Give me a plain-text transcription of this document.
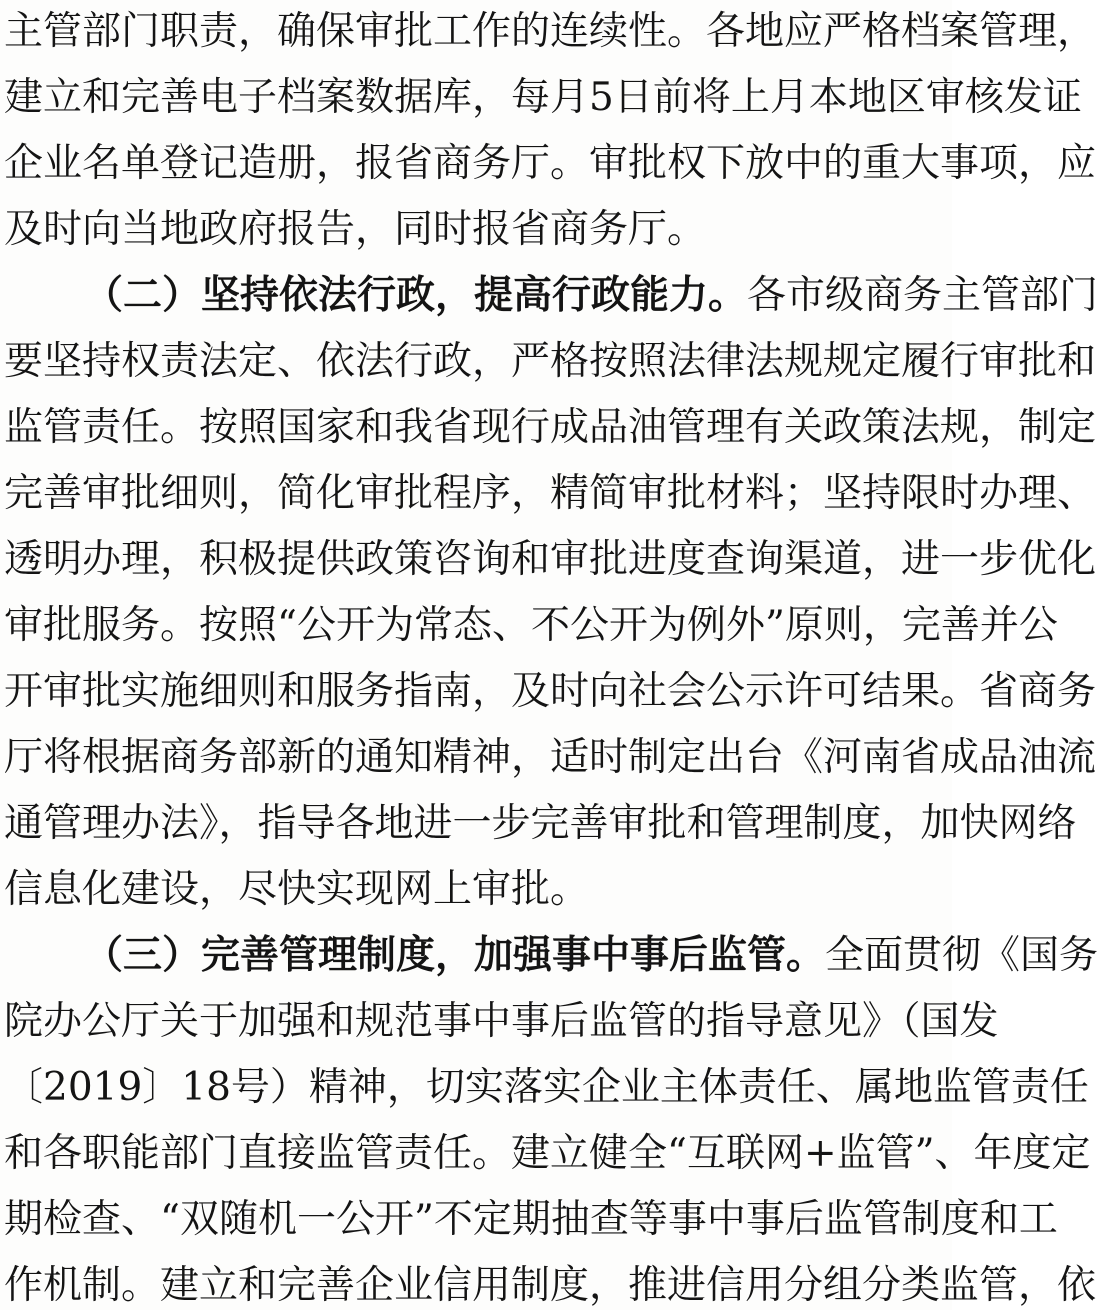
主管部门职责，确保审批工作的连续性。各地应严格档案管理，
建立和完善电子档案数据库，每月5日前将上月本地区审核发证
企业名单登记造册，报省商务厅。审批权下放中的重大事项，应
及时向当地政府报告，同时报省商务厅。
（二）坚持依法行政，提高行政能力。各市级商务主管部门
要坚持权责法定、依法行政，严格按照法律法规规定履行审批和
监管责任。按照国家和我省现行成品油管理有关政策法规，制定
完善审批细则，简化审批程序，精简审批材料；坚持限时办理、
透明办理，积极提供政策咨询和审批进度查询渠道，进一步优化
审批服务。按照“公开为常态、不公开为例外”原则，完善并公
开审批实施细则和服务指南，及时向社会公示许可结果。省商务
厅将根据商务部新的通知精神，适时制定出台《河南省成品油流
通管理办法》，指导各地进一步完善审批和管理制度，加快网络
信息化建设，尽快实现网上审批。
（三）完善管理制度，加强事中事后监管。全面贯彻《国务
院办公厅关于加强和规范事中事后监管的指导意见》（国发
〔2019〕18号）精神，切实落实企业主体责任、属地监管责任
和各职能部门直接监管责任。建立健全“互联网+监管”、年度定
期检查、“双随机一公开”不定期抽查等事中事后监管制度和工
作机制。建立和完善企业信用制度，推进信用分组分类监管，依
